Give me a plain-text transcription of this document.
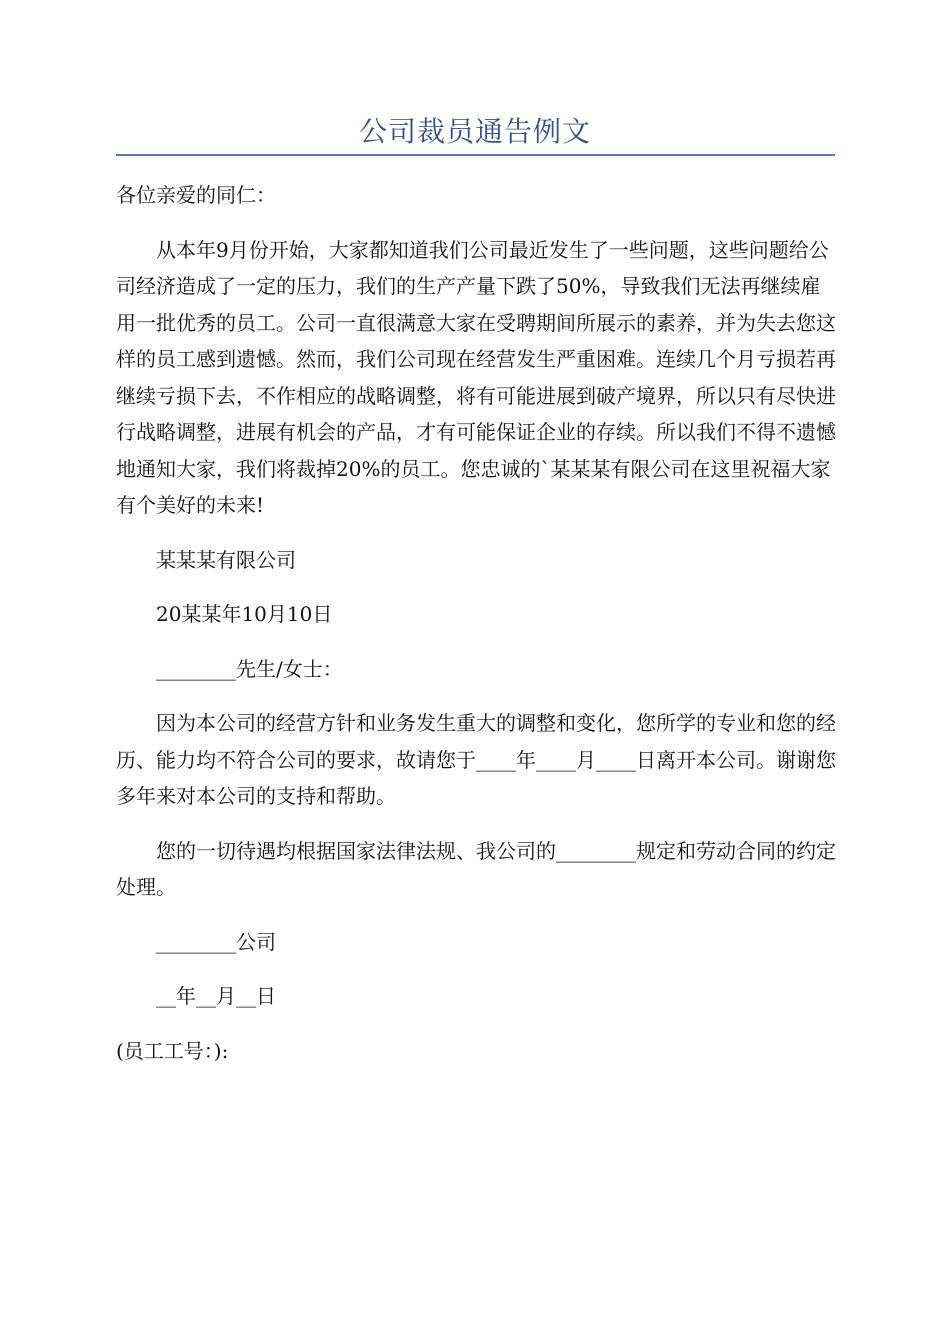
公司裁员通告例文

各位亲爱的同仁：

从本年9月份开始，大家都知道我们公司最近发生了一些问题，这些问题给公司经济造成了一定的压力，我们的生产产量下跌了50%，导致我们无法再继续雇用一批优秀的员工。公司一直很满意大家在受聘期间所展示的素养，并为失去您这样的员工感到遗憾。然而，我们公司现在经营发生严重困难。连续几个月亏损若再继续亏损下去，不作相应的战略调整，将有可能进展到破产境界，所以只有尽快进行战略调整，进展有机会的产品，才有可能保证企业的存续。所以我们不得不遗憾地通知大家，我们将裁掉20%的员工。您忠诚的`某某某有限公司在这里祝福大家有个美好的未来!

某某某有限公司

20某某年10月10日

________先生/女士：

因为本公司的经营方针和业务发生重大的调整和变化，您所学的专业和您的经历、能力均不符合公司的要求，故请您于____年____月____日离开本公司。谢谢您多年来对本公司的支持和帮助。

您的一切待遇均根据国家法律法规、我公司的________规定和劳动合同的约定处理。

________公司

__年__月__日

(员工工号：):
